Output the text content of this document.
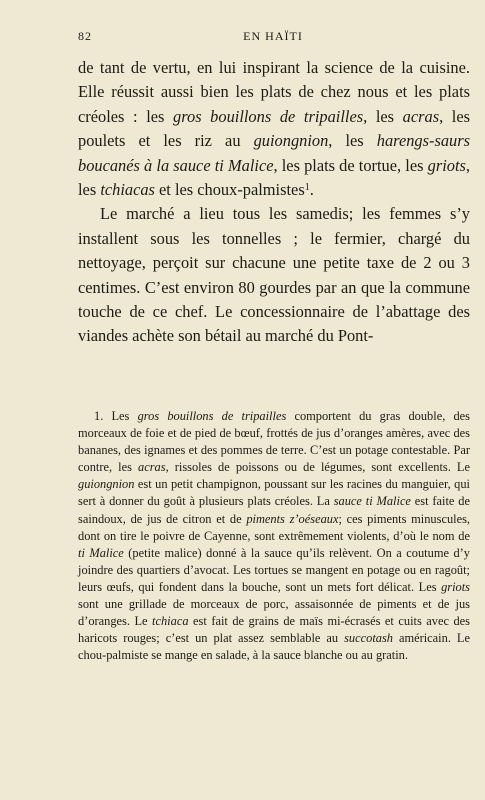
82	EN HAÏTI

de tant de vertu, en lui inspirant la science de la cuisine. Elle réussit aussi bien les plats de chez nous et les plats créoles : les gros bouillons de tripailles, les acras, les poulets et les riz au guiongnion, les harengs-saurs boucanés à la sauce ti Malice, les plats de tortue, les griots, les tchiacas et les choux-palmistes$^1$.

Le marché a lieu tous les samedis; les femmes s’y installent sous les tonnelles ; le fermier, chargé du nettoyage, perçoit sur chacune une petite taxe de 2 ou 3 centimes. C’est environ 80 gourdes par an que la commune touche de ce chef. Le concessionnaire de l’abattage des viandes achète son bétail au marché du Pont-

1. Les gros bouillons de tripailles comportent du gras double, des morceaux de foie et de pied de bœuf, frottés de jus d’oranges amères, avec des bananes, des ignames et des pommes de terre. C’est un potage contestable. Par contre, les acras, rissoles de poissons ou de légumes, sont excellents. Le guiongnion est un petit champignon, poussant sur les racines du manguier, qui sert à donner du goût à plusieurs plats créoles. La sauce ti Malice est faite de saindoux, de jus de citron et de piments z’oéseaux; ces piments minuscules, dont on tire le poivre de Cayenne, sont extrêmement violents, d’où le nom de ti Malice (petite malice) donné à la sauce qu’ils relèvent. On a coutume d’y joindre des quartiers d’avocat. Les tortues se mangent en potage ou en ragoût; leurs œufs, qui fondent dans la bouche, sont un mets fort délicat. Les griots sont une grillade de morceaux de porc, assaisonnée de piments et de jus d’oranges. Le tchiaca est fait de grains de maïs mi-écrasés et cuits avec des haricots rouges; c’est un plat assez semblable au succotash américain. Le chou-palmiste se mange en salade, à la sauce blanche ou au gratin.
